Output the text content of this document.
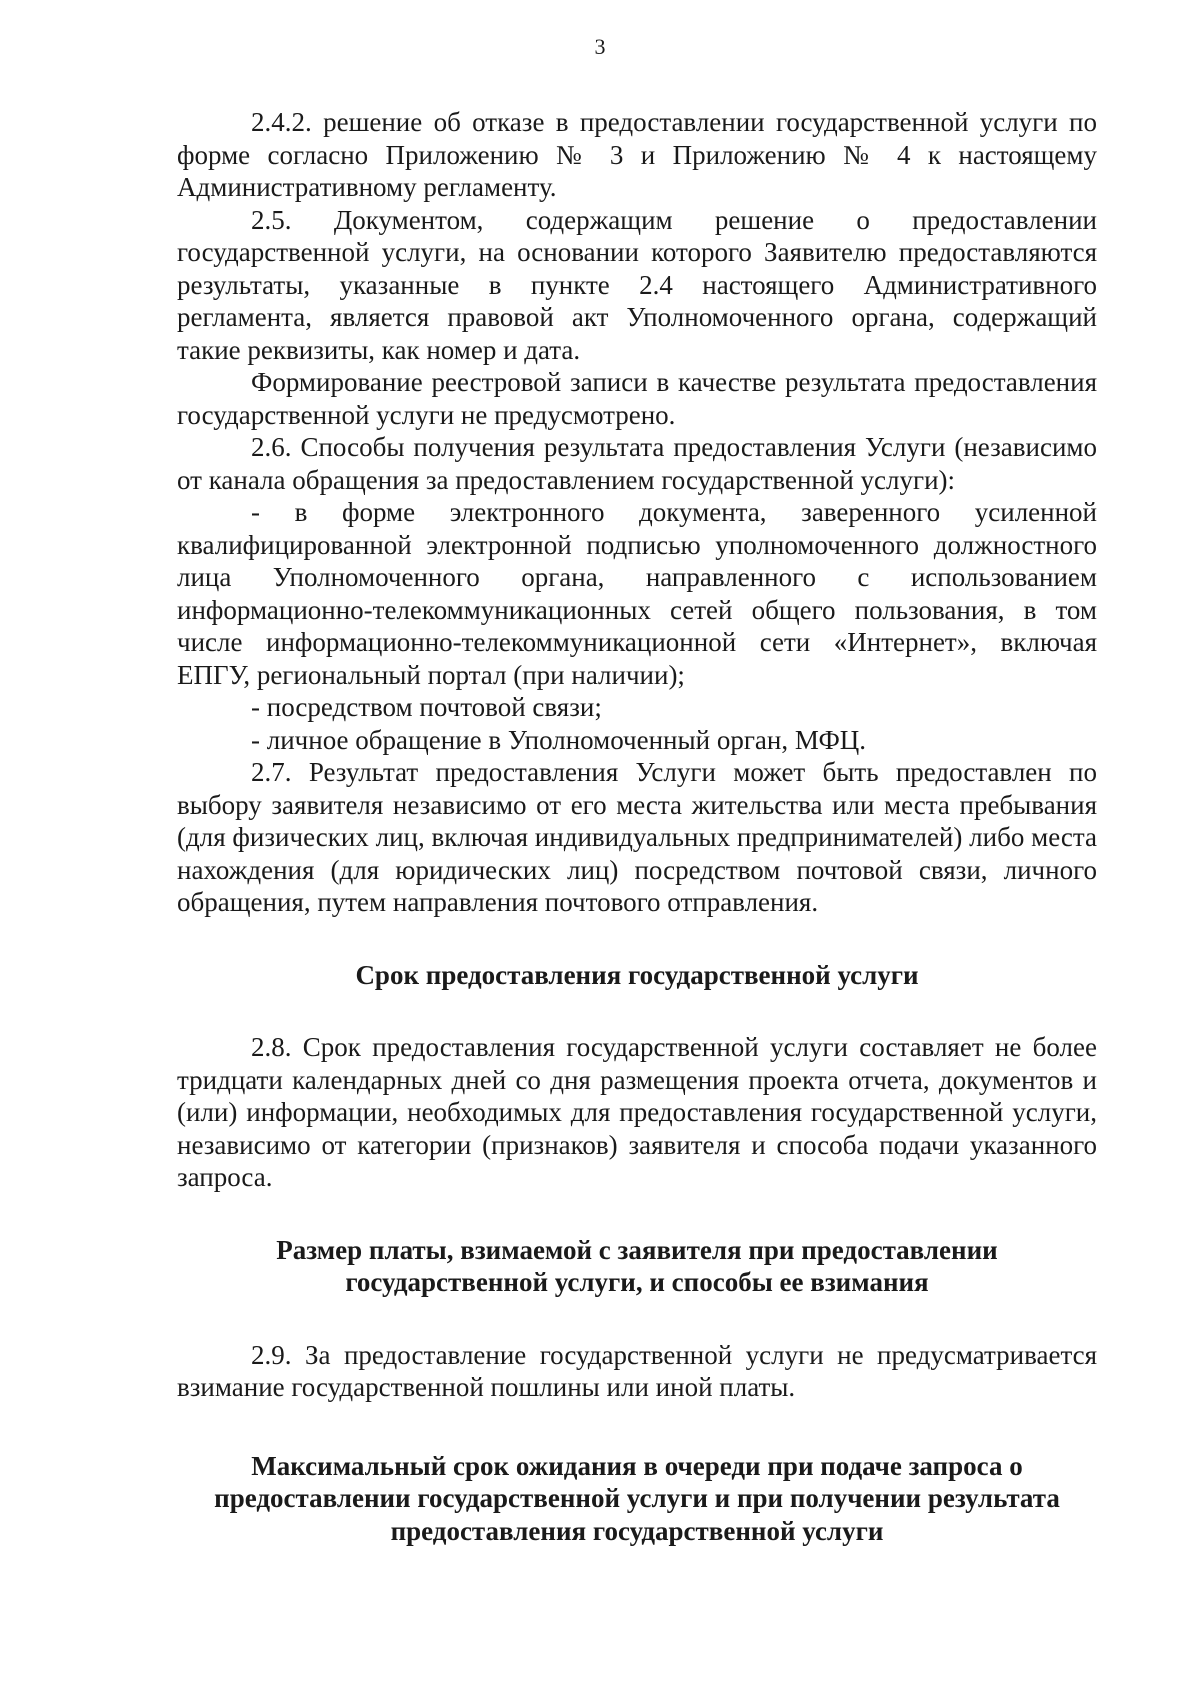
3

2.4.2. решение об отказе в предоставлении государственной услуги по форме согласно Приложению № 3 и Приложению № 4 к настоящему Административному регламенту.

2.5. Документом, содержащим решение о предоставлении государственной услуги, на основании которого Заявителю предоставляются результаты, указанные в пункте 2.4 настоящего Административного регламента, является правовой акт Уполномоченного органа, содержащий такие реквизиты, как номер и дата.

Формирование реестровой записи в качестве результата предоставления государственной услуги не предусмотрено.

2.6. Способы получения результата предоставления Услуги (независимо от канала обращения за предоставлением государственной услуги):

- в форме электронного документа, заверенного усиленной квалифицированной электронной подписью уполномоченного должностного лица Уполномоченного органа, направленного с использованием информационно-телекоммуникационных сетей общего пользования, в том числе информационно-телекоммуникационной сети «Интернет», включая ЕПГУ, региональный портал (при наличии);

- посредством почтовой связи;

- личное обращение в Уполномоченный орган, МФЦ.

2.7. Результат предоставления Услуги может быть предоставлен по выбору заявителя независимо от его места жительства или места пребывания (для физических лиц, включая индивидуальных предпринимателей) либо места нахождения (для юридических лиц) посредством почтовой связи, личного обращения, путем направления почтового отправления.

Срок предоставления государственной услуги

2.8. Срок предоставления государственной услуги составляет не более тридцати календарных дней со дня размещения проекта отчета, документов и (или) информации, необходимых для предоставления государственной услуги, независимо от категории (признаков) заявителя и способа подачи указанного запроса.

Размер платы, взимаемой с заявителя при предоставлении
государственной услуги, и способы ее взимания

2.9. За предоставление государственной услуги не предусматривается взимание государственной пошлины или иной платы.

Максимальный срок ожидания в очереди при подаче запроса о
предоставлении государственной услуги и при получении результата
предоставления государственной услуги
